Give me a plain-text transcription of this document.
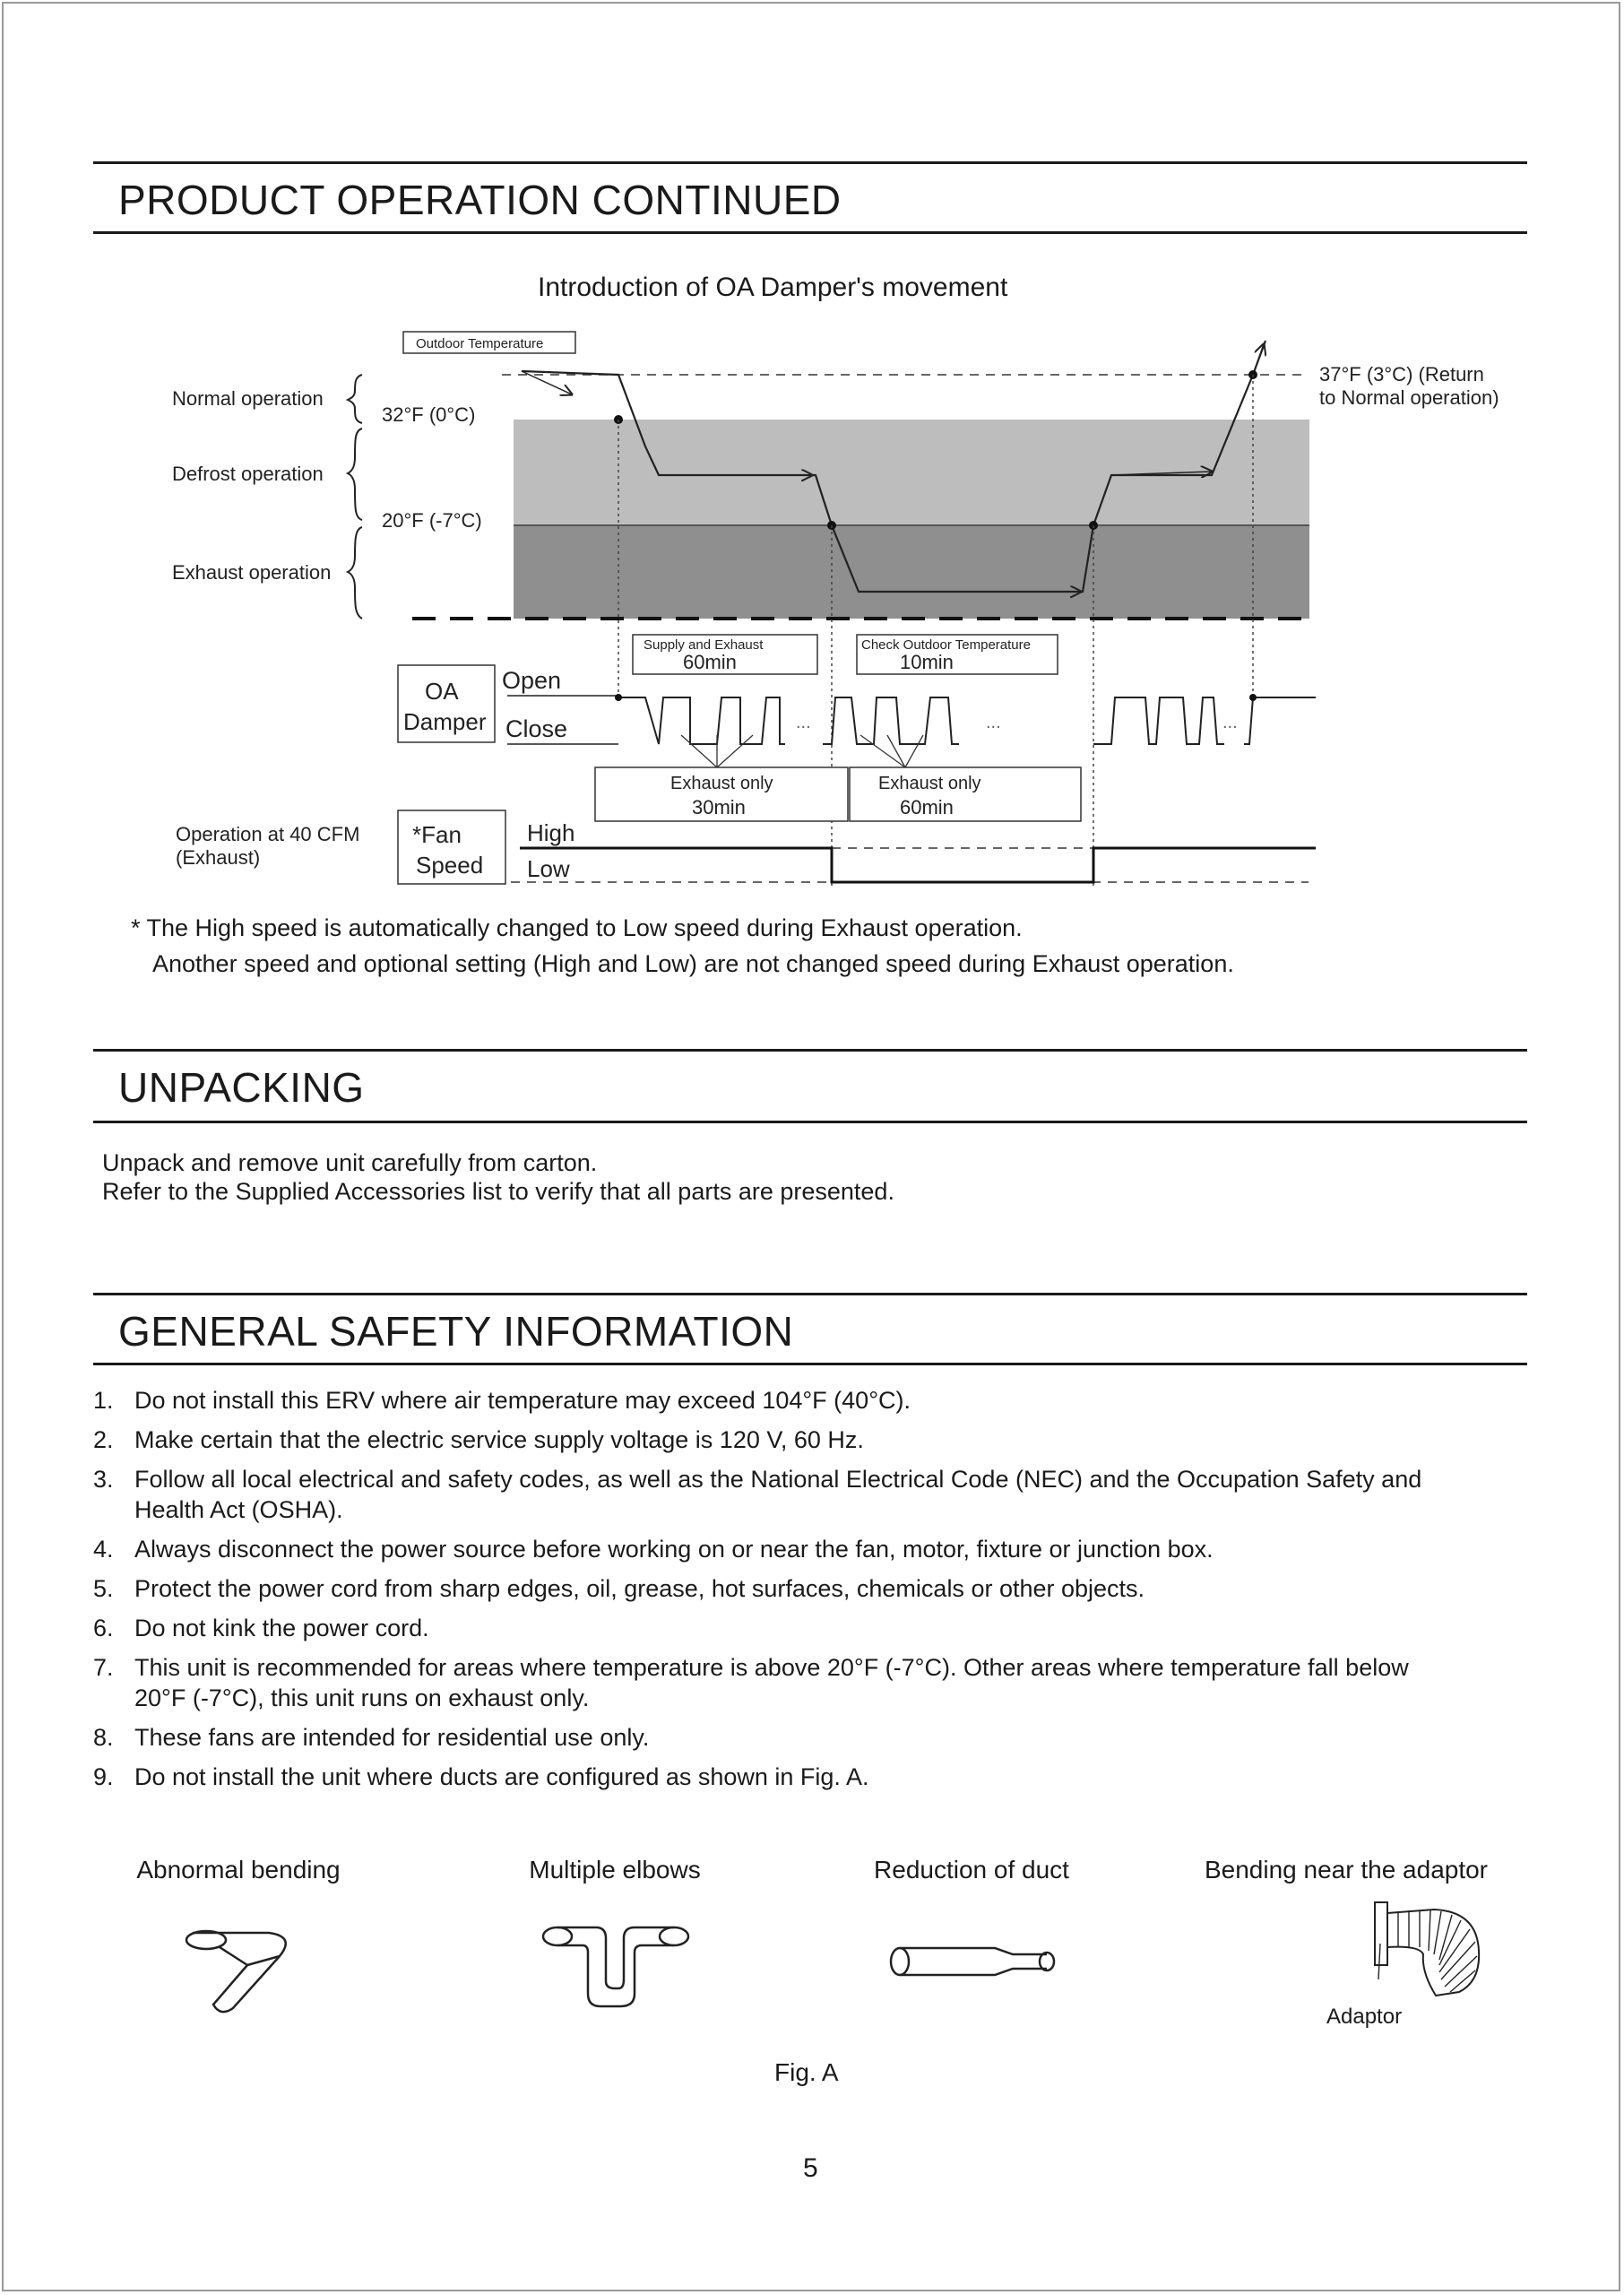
PRODUCT OPERATION CONTINUED
Introduction of OA Damper's movement
Outdoor Temperature
Normal operation
Defrost operation
Exhaust operation
32°F (0°C)
20°F (-7°C)
37°F (3°C) (Return
to Normal operation)
Supply and Exhaust
60min
Check Outdoor Temperature
10min
OA
Damper
Open
Close	...	...	...
Exhaust only
30min
Exhaust only
60min
Operation at 40 CFM
(Exhaust)
*Fan
Speed
High
Low
* The High speed is automatically changed to Low speed during Exhaust operation.
Another speed and optional setting (High and Low) are not changed speed during Exhaust operation.
UNPACKING
Unpack and remove unit carefully from carton.
Refer to the Supplied Accessories list to verify that all parts are presented.
GENERAL SAFETY INFORMATION
1. Do not install this ERV where air temperature may exceed 104°F (40°C).
2. Make certain that the electric service supply voltage is 120 V, 60 Hz.
3. Follow all local electrical and safety codes, as well as the National Electrical Code (NEC) and the Occupation Safety and Health Act (OSHA).
4. Always disconnect the power source before working on or near the fan, motor, fixture or junction box.
5. Protect the power cord from sharp edges, oil, grease, hot surfaces, chemicals or other objects.
6. Do not kink the power cord.
7. This unit is recommended for areas where temperature is above 20°F (-7°C). Other areas where temperature fall below 20°F (-7°C), this unit runs on exhaust only.
8. These fans are intended for residential use only.
9. Do not install the unit where ducts are configured as shown in Fig. A.
Abnormal bending	Multiple elbows	Reduction of duct	Bending near the adaptor
Adaptor
Fig. A
5
